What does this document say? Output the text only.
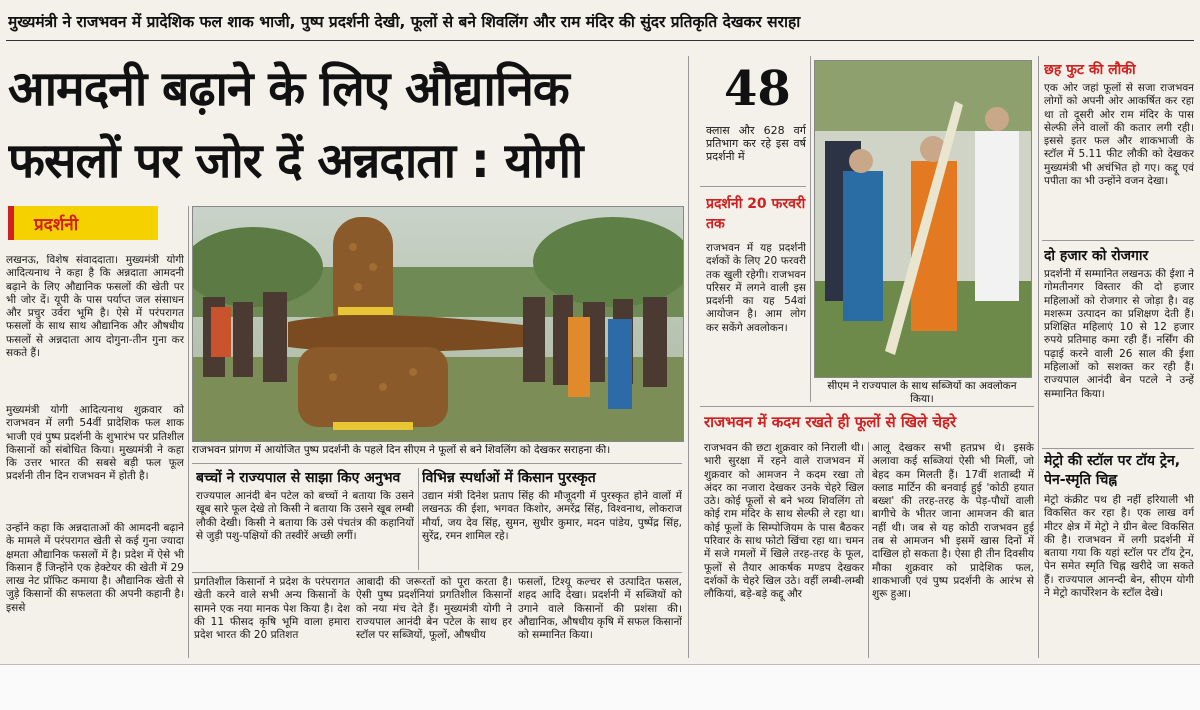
मुख्यमंत्री ने राजभवन में प्रादेशिक फल शाक भाजी, पुष्प प्रदर्शनी देखी, फूलों से बने शिवलिंग और राम मंदिर की सुंदर प्रतिकृति देखकर सराहा
आमदनी बढ़ाने के लिए औद्यानिक
फसलों पर जोर दें अन्नदाता : योगी
प्रदर्शनी
लखनऊ, विशेष संवाददाता। मुख्यमंत्री योगी आदित्यनाथ ने कहा है कि अन्नदाता आमदनी बढ़ाने के लिए औद्यानिक फसलों की खेती पर भी जोर दें। यूपी के पास पर्याप्त जल संसाधन और प्रचुर उर्वरा भूमि है। ऐसे में परंपरागत फसलों के साथ साथ औद्यानिक और औषधीय फसलों से अन्नदाता आय दोगुना-तीन गुना कर सकते हैं।
मुख्यमंत्री योगी आदित्यनाथ शुक्रवार को राजभवन में लगी 54वीं प्रादेशिक फल शाक भाजी एवं पुष्प प्रदर्शनी के शुभारंभ पर प्रतिशील किसानों को संबोधित किया। मुख्यमंत्री ने कहा कि उत्तर भारत की सबसे बड़ी फल फूल प्रदर्शनी तीन दिन राजभवन में होती है।
उन्होंने कहा कि अन्नदाताओं की आमदनी बढ़ाने के मामले में परंपरागत खेती से कई गुना ज्यादा क्षमता औद्यानिक फसलों में है। प्रदेश में ऐसे भी किसान हैं जिन्होंने एक हेक्टेयर की खेती में 29 लाख नेट प्रॉफिट कमाया है। औद्यानिक खेती से जुड़े किसानों की सफलता की अपनी कहानी है। इससे
राजभवन प्रांगण में आयोजित पुष्प प्रदर्शनी के पहले दिन सीएम ने फूलों से बने शिवलिंग को देखकर सराहना की।
बच्चों ने राज्यपाल से साझा किए अनुभव
राज्यपाल आनंदी बेन पटेल को बच्चों ने बताया कि उसने खूब सारे फूल देखे तो किसी ने बताया कि उसने खूब लम्बी लौकी देखी। किसी ने बताया कि उसे पंचतंत्र की कहानियों से जुड़ी पशु-पक्षियों की तस्वीरें अच्छी लगीं।
विभिन्न स्पर्धाओं में किसान पुरस्कृत
उद्यान मंत्री दिनेश प्रताप सिंह की मौजूदगी में पुरस्कृत होने वालों में लखनऊ की ईशा, भगवत किशोर, अमरेंद्र सिंह, विश्वनाथ, लोकराज मौर्या, जय देव सिंह, सुमन, सुधीर कुमार, मदन पांडेय, पुष्पेंद्र सिंह, सुरेंद्र, रमन शामिल रहे।
प्रगतिशील किसानों ने प्रदेश के परंपरागत खेती करने वाले सभी अन्य किसानों के सामने एक नया मानक पेश किया है। देश की 11 फीसद कृषि भूमि वाला हमारा प्रदेश भारत की 20 प्रतिशत
आबादी की जरूरतों को पूरा करता है। ऐसी पुष्प प्रदर्शनियां प्रगतिशील किसानों को नया मंच देते हैं। मुख्यमंत्री योगी ने राज्यपाल आनंदी बेन पटेल के साथ हर स्टॉल पर सब्जियों, फूलों, औषधीय
फसलों, टिश्यू कल्चर से उत्पादित फसल, शहद आदि देखा। प्रदर्शनी में सब्जियों को उगाने वाले किसानों की प्रशंसा की। औद्यानिक, औषधीय कृषि में सफल किसानों को सम्मानित किया।
48
क्लास और 628 वर्ग प्रतिभाग कर रहे इस वर्ष प्रदर्शनी में
प्रदर्शनी 20 फरवरी तक
राजभवन में यह प्रदर्शनी दर्शकों के लिए 20 फरवरी तक खुली रहेगी। राजभवन परिसर में लगने वाली इस प्रदर्शनी का यह 54वां आयोजन है। आम लोग कर सकेंगे अवलोकन।
सीएम ने राज्यपाल के साथ सब्जियों का अवलोकन किया।
राजभवन में कदम रखते ही फूलों से खिले चेहरे
राजभवन की छटा शुक्रवार को निराली थी। भारी सुरक्षा में रहने वाले राजभवन में शुक्रवार को आमजन ने कदम रखा तो अंदर का नजारा देखकर उनके चेहरे खिल उठे। कोई फूलों से बने भव्य शिवलिंग तो कोई राम मंदिर के साथ सेल्फी ले रहा था। कोई फूलों के सिम्पोजियम के पास बैठकर परिवार के साथ फोटो खिंचा रहा था। चमन में सजे गमलों में खिले तरह-तरह के फूल, फूलों से तैयार आकर्षक मण्डप देखकर दर्शकों के चेहरे खिल उठे। वहीं लम्बी-लम्बी लौकियां, बड़े-बड़े कद्दू और
आलू देखकर सभी हतप्रभ थे। इसके अलावा कई सब्जियां ऐसी भी मिलीं, जो बेहद कम मिलती हैं। 17वीं शताब्दी में क्लाड मार्टिन की बनवाई हुई 'कोठी हयात बख्श' की तरह-तरह के पेड़-पौधों वाली बागीचे के भीतर जाना आमजन की बात नहीं थी। जब से यह कोठी राजभवन हुई तब से आमजन भी इसमें खास दिनों में दाखिल हो सकता है। ऐसा ही तीन दिवसीय मौका शुक्रवार को प्रादेशिक फल, शाकभाजी एवं पुष्प प्रदर्शनी के आरंभ से शुरू हुआ।
छह फुट की लौकी
एक ओर जहां फूलों से सजा राजभवन लोगों को अपनी ओर आकर्षित कर रहा था तो दूसरी ओर राम मंदिर के पास सेल्फी लेने वालों की कतार लगी रही। इससे इतर फल और शाकभाजी के स्टॉल में 5.11 फीट लौकी को देखकर मुख्यमंत्री भी अचंभित हो गए। कद्दू एवं पपीता का भी उन्होंने वजन देखा।
दो हजार को रोजगार
प्रदर्शनी में सम्मानित लखनऊ की ईशा ने गोमतीनगर विस्तार की दो हजार महिलाओं को रोजगार से जोड़ा है। वह मशरूम उत्पादन का प्रशिक्षण देती हैं। प्रशिक्षित महिलाएं 10 से 12 हजार रुपये प्रतिमाह कमा रही हैं। नर्सिंग की पढ़ाई करने वाली 26 साल की ईशा महिलाओं को सशक्त कर रही हैं। राज्यपाल आनंदी बेन पटले ने उन्हें सम्मानित किया।
मेट्रो की स्टॉल पर टॉय ट्रेन, पेन-स्मृति चिह्न
मेट्रो कंक्रीट पथ ही नहीं हरियाली भी विकसित कर रहा है। एक लाख वर्ग मीटर क्षेत्र में मेट्रो ने ग्रीन बेल्ट विकसित की है। राजभवन में लगी प्रदर्शनी में बताया गया कि यहां स्टॉल पर टॉय ट्रेन, पेन समेत स्मृति चिह्न खरीदे जा सकते हैं। राज्यपाल आनन्दी बेन, सीएम योगी ने मेट्रो कार्पोरेशन के स्टॉल देखे।
